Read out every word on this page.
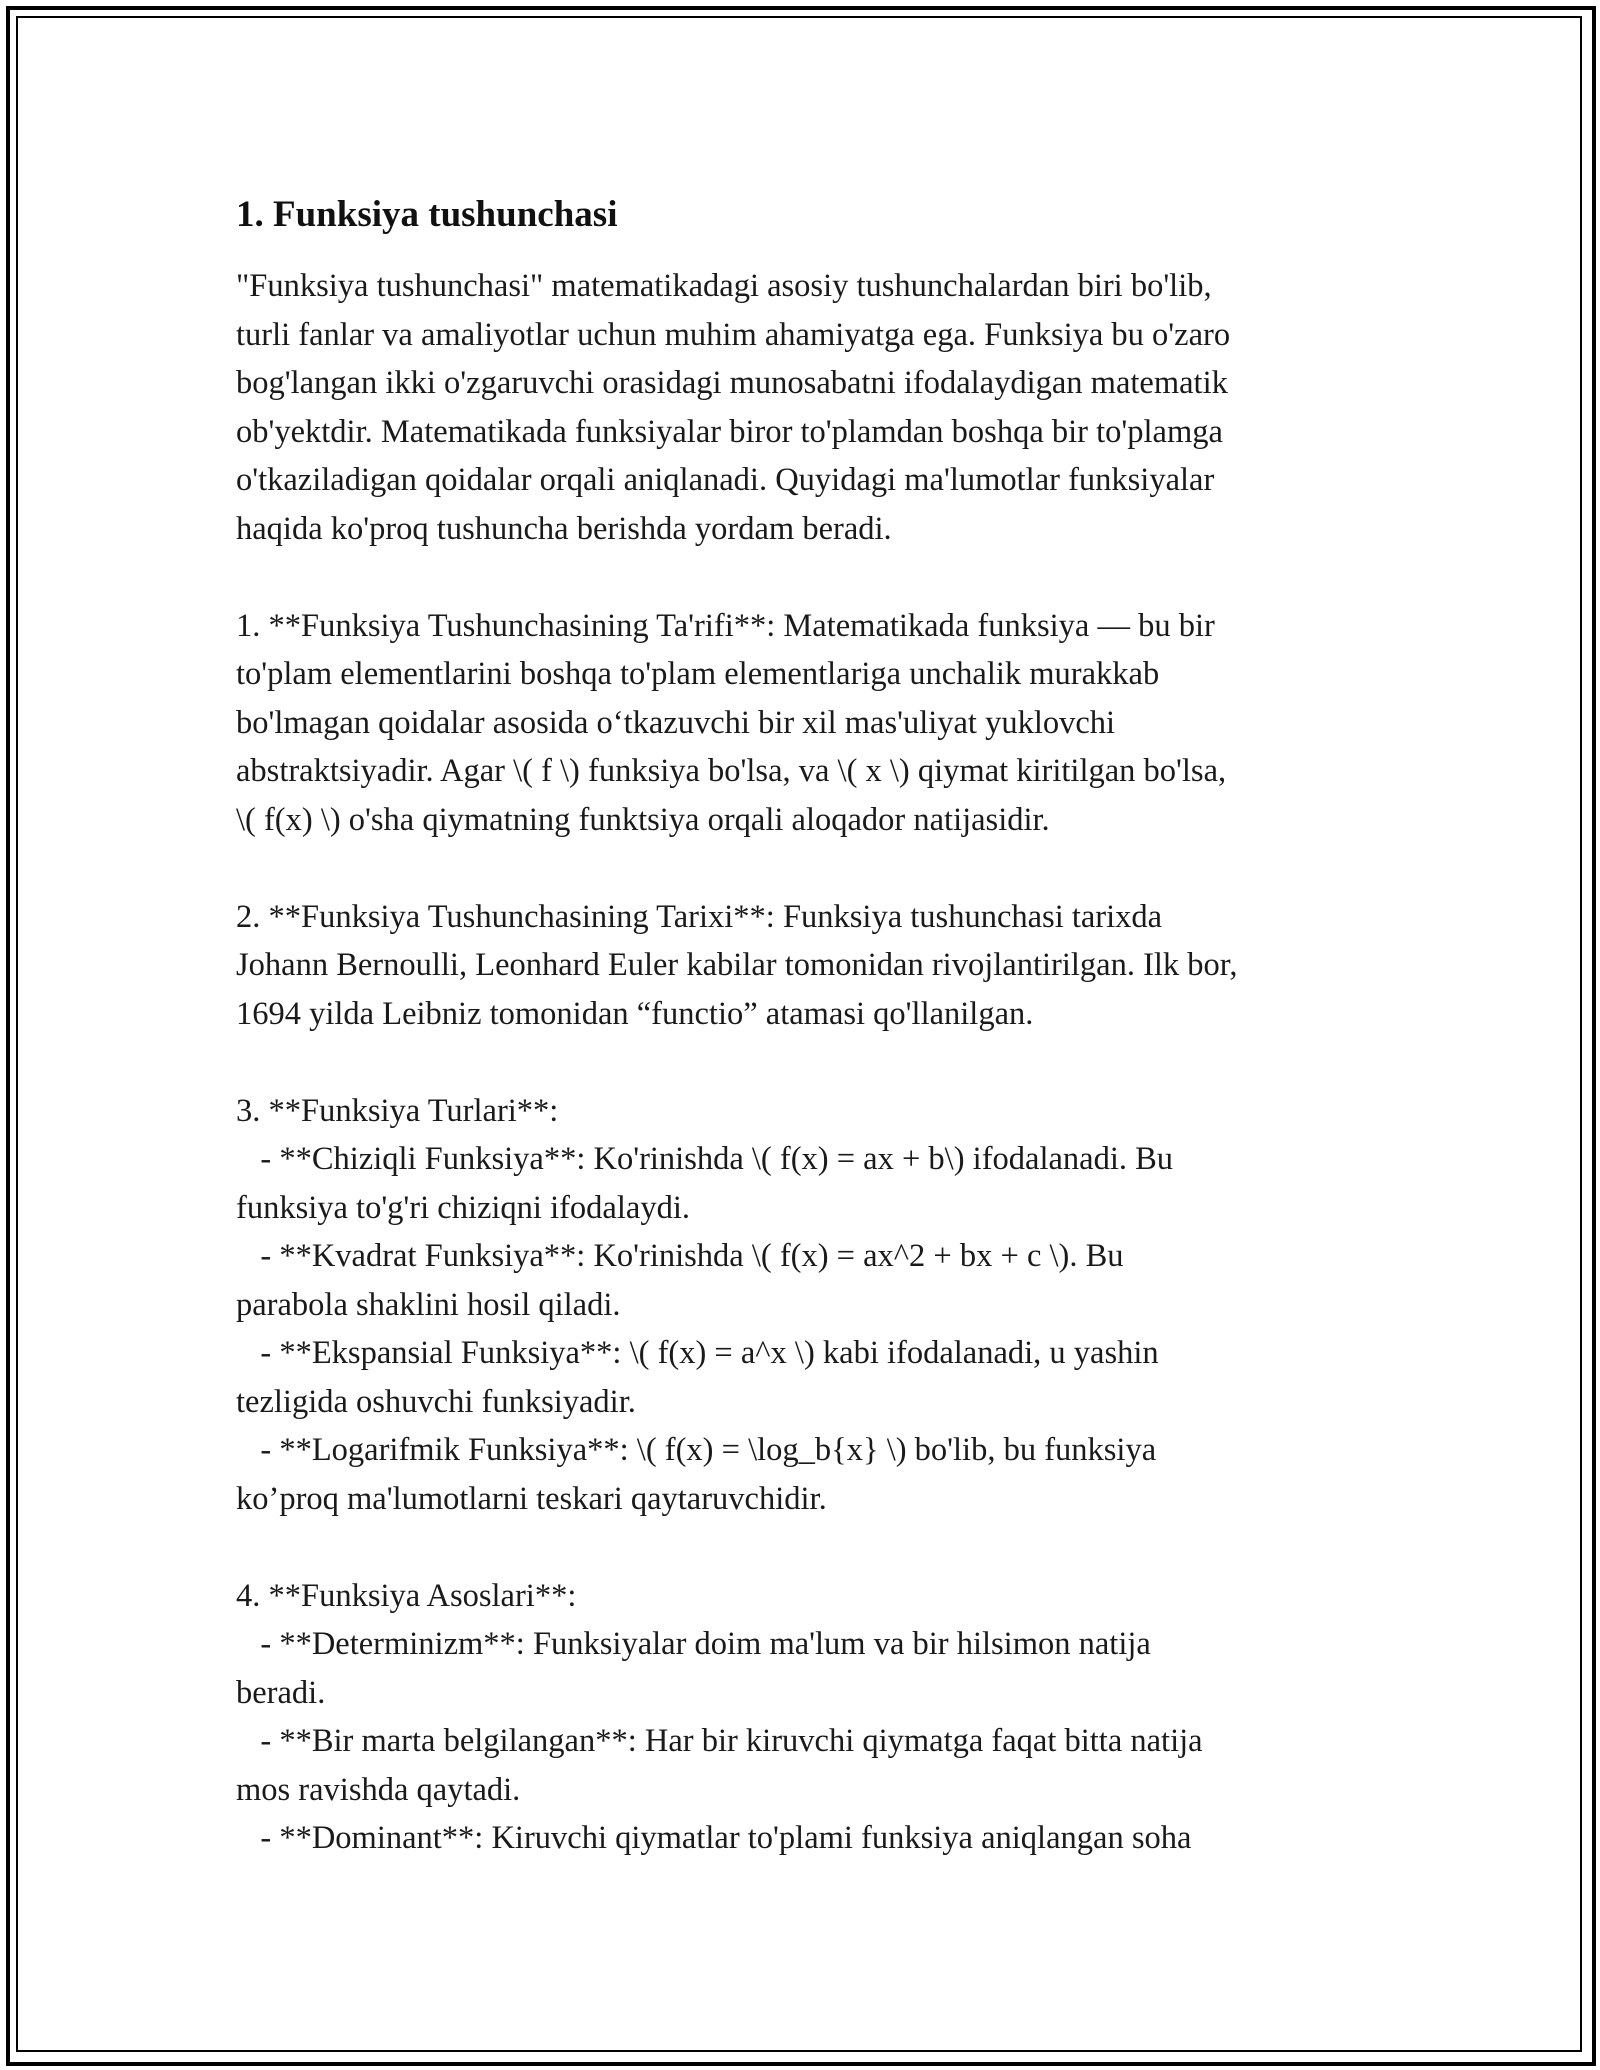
1. Funksiya tushunchasi
"Funksiya tushunchasi" matematikadagi asosiy tushunchalardan biri bo'lib,
turli fanlar va amaliyotlar uchun muhim ahamiyatga ega. Funksiya bu o'zaro
bog'langan ikki o'zgaruvchi orasidagi munosabatni ifodalaydigan matematik
ob'yektdir. Matematikada funksiyalar biror to'plamdan boshqa bir to'plamga
o'tkaziladigan qoidalar orqali aniqlanadi. Quyidagi ma'lumotlar funksiyalar
haqida ko'proq tushuncha berishda yordam beradi.
1. **Funksiya Tushunchasining Ta'rifi**: Matematikada funksiya — bu bir
to'plam elementlarini boshqa to'plam elementlariga unchalik murakkab
bo'lmagan qoidalar asosida o‘tkazuvchi bir xil mas'uliyat yuklovchi
abstraktsiyadir. Agar \( f \) funksiya bo'lsa, va \( x \) qiymat kiritilgan bo'lsa,
\( f(x) \) o'sha qiymatning funktsiya orqali aloqador natijasidir.
2. **Funksiya Tushunchasining Tarixi**: Funksiya tushunchasi tarixda
Johann Bernoulli, Leonhard Euler kabilar tomonidan rivojlantirilgan. Ilk bor,
1694 yilda Leibniz tomonidan “functio” atamasi qo'llanilgan.
3. **Funksiya Turlari**:
- **Chiziqli Funksiya**: Ko'rinishda \( f(x) = ax + b\) ifodalanadi. Bu
funksiya to'g'ri chiziqni ifodalaydi.
- **Kvadrat Funksiya**: Ko'rinishda \( f(x) = ax^2 + bx + c \). Bu
parabola shaklini hosil qiladi.
- **Ekspansial Funksiya**: \( f(x) = a^x \) kabi ifodalanadi, u yashin
tezligida oshuvchi funksiyadir.
- **Logarifmik Funksiya**: \( f(x) = \log_b{x} \) bo'lib, bu funksiya
ko’proq ma'lumotlarni teskari qaytaruvchidir.
4. **Funksiya Asoslari**:
- **Determinizm**: Funksiyalar doim ma'lum va bir hilsimon natija
beradi.
- **Bir marta belgilangan**: Har bir kiruvchi qiymatga faqat bitta natija
mos ravishda qaytadi.
- **Dominant**: Kiruvchi qiymatlar to'plami funksiya aniqlangan soha
